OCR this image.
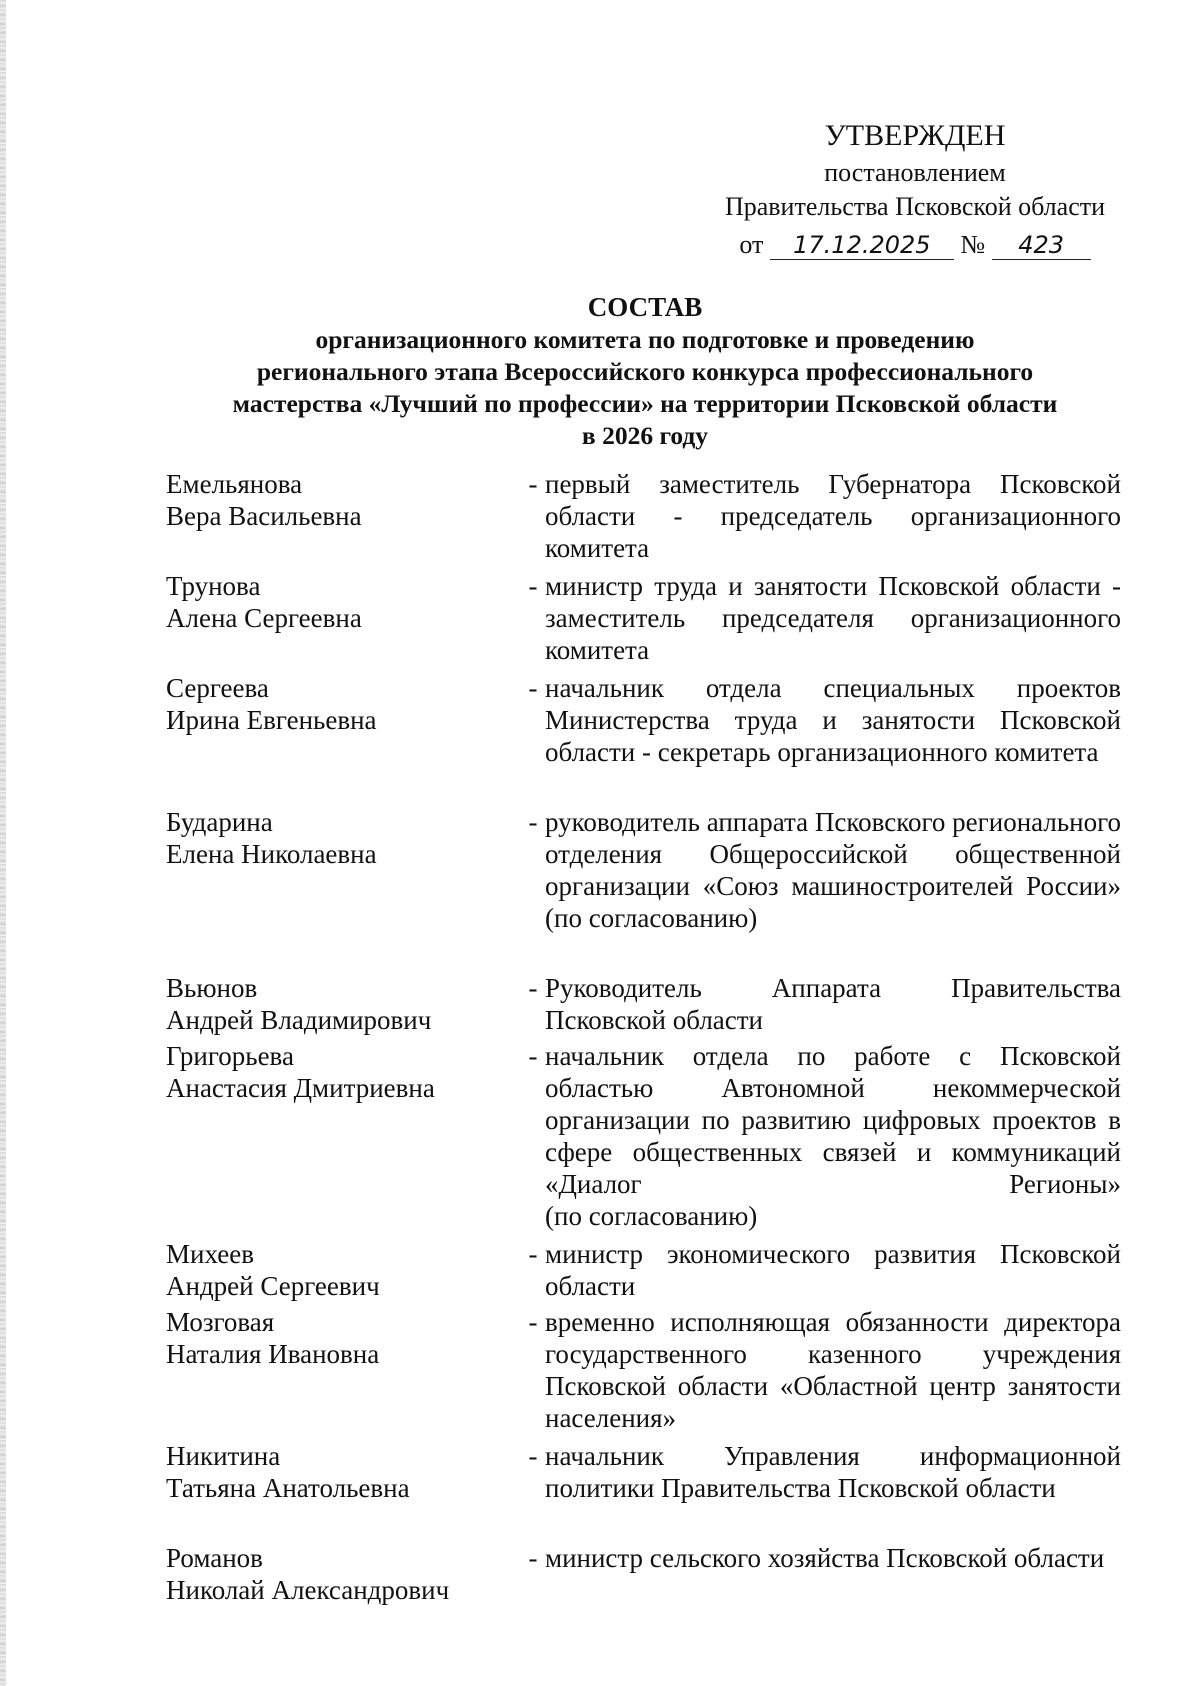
УТВЕРЖДЕН
постановлением
Правительства Псковской области
от 17.12.2025 № 423
СОСТАВ
организационного комитета по подготовке и проведению
регионального этапа Всероссийского конкурса профессионального
мастерства «Лучший по профессии» на территории Псковской области
в 2026 году
Емельянова
Вера Васильевна
- первый заместитель Губернатора Псковской области - председатель организационного комитета
Трунова
Алена Сергеевна
- министр труда и занятости Псковской области - заместитель председателя организационного комитета
Сергеева
Ирина Евгеньевна
- начальник отдела специальных проектов Министерства труда и занятости Псковской области - секретарь организационного комитета
Бударина
Елена Николаевна
- руководитель аппарата Псковского регионального отделения Общероссийской общественной организации «Союз машиностроителей России»
(по согласованию)
Вьюнов
Андрей Владимирович
- Руководитель Аппарата Правительства Псковской области
Григорьева
Анастасия Дмитриевна
- начальник отдела по работе с Псковской областью Автономной некоммерческой организации по развитию цифровых проектов в сфере общественных связей и коммуникаций «Диалог Регионы»
(по согласованию)
Михеев
Андрей Сергеевич
- министр экономического развития Псковской области
Мозговая
Наталия Ивановна
- временно исполняющая обязанности директора государственного казенного учреждения Псковской области «Областной центр занятости населения»
Никитина
Татьяна Анатольевна
- начальник Управления информационной политики Правительства Псковской области
Романов
Николай Александрович
- министр сельского хозяйства Псковской области
